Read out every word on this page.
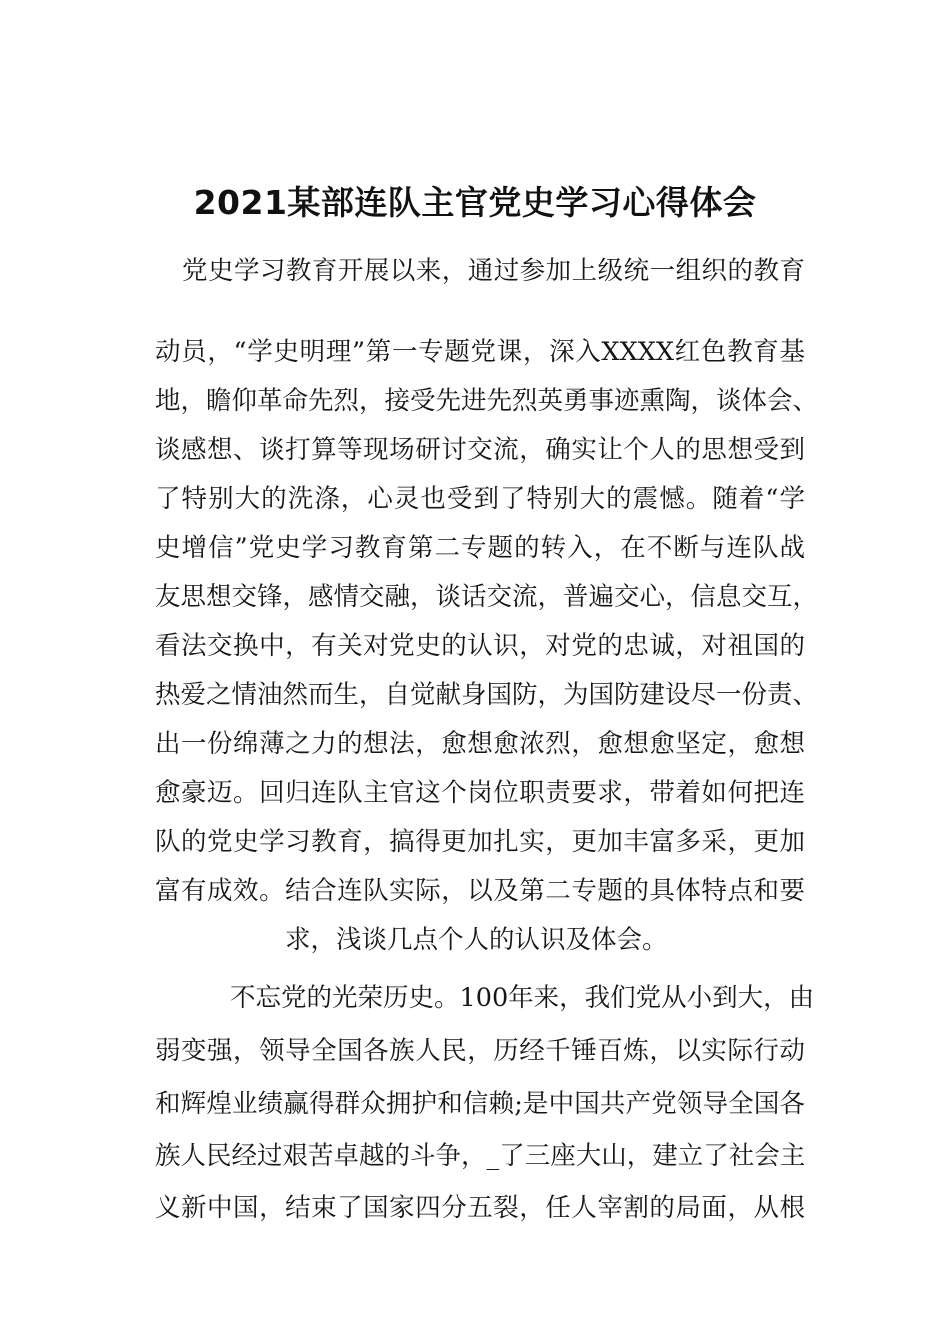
2021某部连队主官党史学习心得体会
党史学习教育开展以来，通过参加上级统一组织的教育
动员，“学史明理”第一专题党课，深入XXXX红色教育基
地，瞻仰革命先烈，接受先进先烈英勇事迹熏陶，谈体会、
谈感想、谈打算等现场研讨交流，确实让个人的思想受到
了特别大的洗涤，心灵也受到了特别大的震憾。随着“学
史增信”党史学习教育第二专题的转入，在不断与连队战
友思想交锋，感情交融，谈话交流，普遍交心，信息交互，
看法交换中，有关对党史的认识，对党的忠诚，对祖国的
热爱之情油然而生，自觉献身国防，为国防建设尽一份责、
出一份绵薄之力的想法，愈想愈浓烈，愈想愈坚定，愈想
愈豪迈。回归连队主官这个岗位职责要求，带着如何把连
队的党史学习教育，搞得更加扎实，更加丰富多采，更加
富有成效。结合连队实际，以及第二专题的具体特点和要
求，浅谈几点个人的认识及体会。
不忘党的光荣历史。100年来，我们党从小到大，由
弱变强，领导全国各族人民，历经千锤百炼，以实际行动
和辉煌业绩赢得群众拥护和信赖;是中国共产党领导全国各
族人民经过艰苦卓越的斗争，_了三座大山，建立了社会主
义新中国，结束了国家四分五裂，任人宰割的局面，从根
